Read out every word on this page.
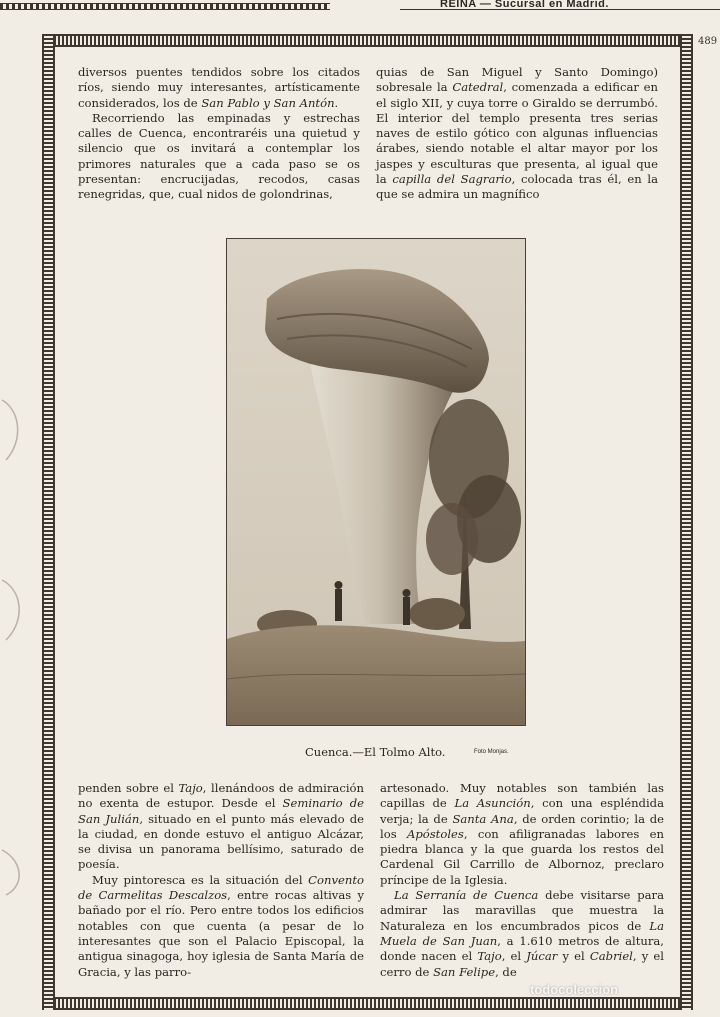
REINA — Sucursal en Madrid.
489

diversos puentes tendidos sobre los citados ríos, siendo muy interesantes, artísticamente considerados, los de San Pablo y San Antón.

Recorriendo las empinadas y estrechas calles de Cuenca, encontraréis una quietud y silencio que os invitará a contemplar los primores naturales que a cada paso se os presentan: encrucijadas, recodos, casas renegridas, que, cual nidos de golondrinas,

quias de San Miguel y Santo Domingo) sobresale la Catedral, comenzada a edificar en el siglo XII, y cuya torre o Giraldo se derrumbó. El interior del templo presenta tres serias naves de estilo gótico con algunas influencias árabes, siendo notable el altar mayor por los jaspes y esculturas que presenta, al igual que la capilla del Sagrario, colocada tras él, en la que se admira un magnífico

Cuenca.—El Tolmo Alto.	Foto Monjas.

penden sobre el Tajo, llenándoos de admiración no exenta de estupor. Desde el Seminario de San Julián, situado en el punto más elevado de la ciudad, en donde estuvo el antiguo Alcázar, se divisa un panorama bellísimo, saturado de poesía.

Muy pintoresca es la situación del Convento de Carmelitas Descalzos, entre rocas altivas y bañado por el río. Pero entre todos los edificios notables con que cuenta (a pesar de lo interesantes que son el Palacio Episcopal, la antigua sinagoga, hoy iglesia de Santa María de Gracia, y las parro-

artesonado. Muy notables son también las capillas de La Asunción, con una espléndida verja; la de Santa Ana, de orden corintio; la de los Apóstoles, con afiligranadas labores en piedra blanca y la que guarda los restos del Cardenal Gil Carrillo de Albornoz, preclaro príncipe de la Iglesia.

La Serranía de Cuenca debe visitarse para admirar las maravillas que muestra la Naturaleza en los encumbrados picos de La Muela de San Juan, a 1.610 metros de altura, donde nacen el Tajo, el Júcar y el Cabriel, y el cerro de San Felipe, de

todocoleccion
